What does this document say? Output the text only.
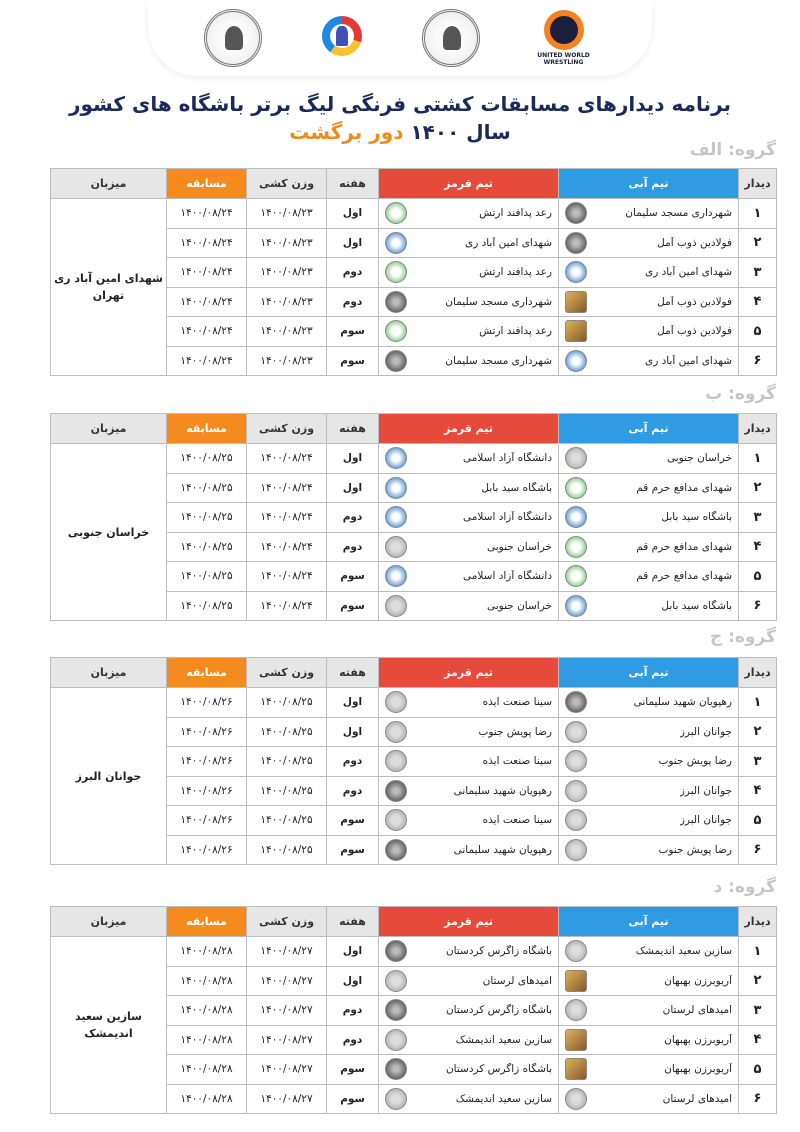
UNITED WORLD WRESTLING
برنامه دیدارهای مسابقات کشتی فرنگی لیگ برتر باشگاه های کشور
سال ۱۴۰۰ دور برگشت
گروه: الف
دیدار	تیم آبی	تیم قرمز	هفته	وزن کشی	مسابقه	میزبان
۱	شهرداری مسجد سلیمان	رعد پدافند ارتش	اول	۱۴۰۰/۰۸/۲۳	۱۴۰۰/۰۸/۲۴	شهدای امین آباد ری تهران
۲	فولادین ذوب آمل	شهدای امین آباد ری	اول	۱۴۰۰/۰۸/۲۳	۱۴۰۰/۰۸/۲۴	
۳	شهدای امین آباد ری	رعد پدافند ارتش	دوم	۱۴۰۰/۰۸/۲۳	۱۴۰۰/۰۸/۲۴	
۴	فولادین ذوب آمل	شهرداری مسجد سلیمان	دوم	۱۴۰۰/۰۸/۲۳	۱۴۰۰/۰۸/۲۴	
۵	فولادین ذوب آمل	رعد پدافند ارتش	سوم	۱۴۰۰/۰۸/۲۳	۱۴۰۰/۰۸/۲۴	
۶	شهدای امین آباد ری	شهرداری مسجد سلیمان	سوم	۱۴۰۰/۰۸/۲۳	۱۴۰۰/۰۸/۲۴	
گروه: ب
دیدار	تیم آبی	تیم قرمز	هفته	وزن کشی	مسابقه	میزبان
۱	خراسان جنوبی	دانشگاه آزاد اسلامی	اول	۱۴۰۰/۰۸/۲۴	۱۴۰۰/۰۸/۲۵	خراسان جنوبی
۲	شهدای مدافع حرم قم	باشگاه سید بابل	اول	۱۴۰۰/۰۸/۲۴	۱۴۰۰/۰۸/۲۵	
۳	باشگاه سید بابل	دانشگاه آزاد اسلامی	دوم	۱۴۰۰/۰۸/۲۴	۱۴۰۰/۰۸/۲۵	
۴	شهدای مدافع حرم قم	خراسان جنوبی	دوم	۱۴۰۰/۰۸/۲۴	۱۴۰۰/۰۸/۲۵	
۵	شهدای مدافع حرم قم	دانشگاه آزاد اسلامی	سوم	۱۴۰۰/۰۸/۲۴	۱۴۰۰/۰۸/۲۵	
۶	باشگاه سید بابل	خراسان جنوبی	سوم	۱۴۰۰/۰۸/۲۴	۱۴۰۰/۰۸/۲۵	
گروه: ج
دیدار	تیم آبی	تیم قرمز	هفته	وزن کشی	مسابقه	میزبان
۱	رهپویان شهید سلیمانی	سینا صنعت ایذه	اول	۱۴۰۰/۰۸/۲۵	۱۴۰۰/۰۸/۲۶	جوانان البرز
۲	جوانان البرز	رضا پویش جنوب	اول	۱۴۰۰/۰۸/۲۵	۱۴۰۰/۰۸/۲۶	
۳	رضا پویش جنوب	سینا صنعت ایذه	دوم	۱۴۰۰/۰۸/۲۵	۱۴۰۰/۰۸/۲۶	
۴	جوانان البرز	رهپویان شهید سلیمانی	دوم	۱۴۰۰/۰۸/۲۵	۱۴۰۰/۰۸/۲۶	
۵	جوانان البرز	سینا صنعت ایذه	سوم	۱۴۰۰/۰۸/۲۵	۱۴۰۰/۰۸/۲۶	
۶	رضا پویش جنوب	رهپویان شهید سلیمانی	سوم	۱۴۰۰/۰۸/۲۵	۱۴۰۰/۰۸/۲۶	
گروه: د
دیدار	تیم آبی	تیم قرمز	هفته	وزن کشی	مسابقه	میزبان
۱	سازین سعید اندیمشک	باشگاه زاگرس کردستان	اول	۱۴۰۰/۰۸/۲۷	۱۴۰۰/۰۸/۲۸	سازین سعید اندیمشک
۲	آریوبرزن بهبهان	امیدهای لرستان	اول	۱۴۰۰/۰۸/۲۷	۱۴۰۰/۰۸/۲۸	
۳	امیدهای لرستان	باشگاه زاگرس کردستان	دوم	۱۴۰۰/۰۸/۲۷	۱۴۰۰/۰۸/۲۸	
۴	آریوبرزن بهبهان	سازین سعید اندیمشک	دوم	۱۴۰۰/۰۸/۲۷	۱۴۰۰/۰۸/۲۸	
۵	آریوبرزن بهبهان	باشگاه زاگرس کردستان	سوم	۱۴۰۰/۰۸/۲۷	۱۴۰۰/۰۸/۲۸	
۶	امیدهای لرستان	سازین سعید اندیمشک	سوم	۱۴۰۰/۰۸/۲۷	۱۴۰۰/۰۸/۲۸	
